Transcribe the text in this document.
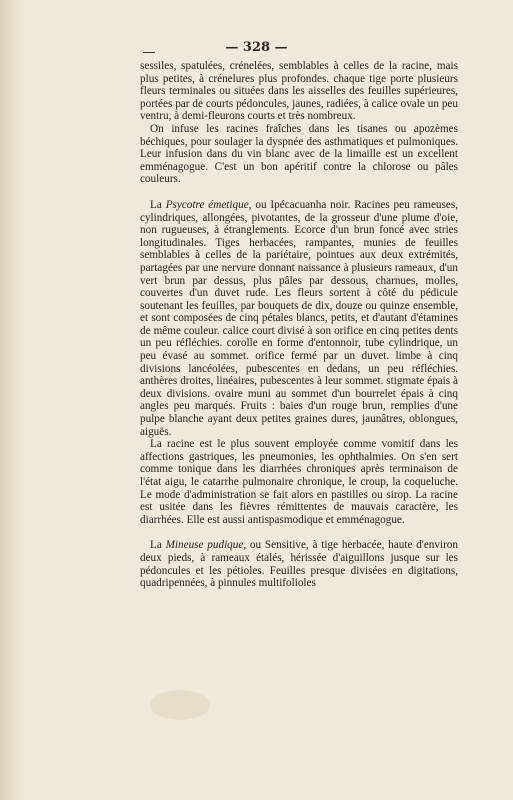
— 328 —

sessiles, spatulées, crénelées, semblables à celles de la racine, mais plus petites, à crénelures plus profondes. chaque tige porte plusieurs fleurs terminales ou situées dans les aisselles des feuilles supérieures, portées par de courts pédoncules, jaunes, radiées, à calice ovale un peu ventru, à demi-fleurons courts et très nombreux.

On infuse les racines fraîches dans les tisanes ou apozèmes béchiques, pour soulager la dyspnée des asthmatiques et pulmoniques. Leur infusion dans du vin blanc avec de la limaille est un excellent emménagogue. C'est un bon apéritif contre la chlorose ou pâles couleurs.

La Psycotre émetique, ou Ipécacuanha noir. Racines peu rameuses, cylindriques, allongées, pivotantes, de la grosseur d'une plume d'oie, non rugueuses, à étranglements. Ecorce d'un brun foncé avec stries longitudinales. Tiges herbacées, rampantes, munies de feuilles semblables à celles de la pariétaire, pointues aux deux extrémités, partagées par une nervure donnant naissance à plusieurs rameaux, d'un vert brun par dessus, plus pâles par dessous, charnues, molles, couvertes d'un duvet rude. Les fleurs sortent à côté du pédicule soutenant les feuilles, par bouquets de dix, douze ou quinze ensemble, et sont composées de cinq pétales blancs, petits, et d'autant d'étamines de même couleur. calice court divisé à son orifice en cinq petites dents un peu réfléchies. corolle en forme d'entonnoir, tube cylindrique, un peu évasé au sommet. orifice fermé par un duvet. limbe à cinq divisions lancéolées, pubescentes en dedans, un peu réfléchies. anthères droites, linéaires, pubescentes à leur sommet. stigmate épais à deux divisions. ovaire muni au sommet d'un bourrelet épais à cinq angles peu marqués. Fruits : baies d'un rouge brun, remplies d'une pulpe blanche ayant deux petites graines dures, jaunâtres, oblongues, aiguës.

La racine est le plus souvent employée comme vomitif dans les affections gastriques, les pneumonies, les ophthalmies. On s'en sert comme tonique dans les diarrhées chroniques après terminaison de l'état aigu, le catarrhe pulmonaire chronique, le croup, la coqueluche. Le mode d'administration se fait alors en pastilles ou sirop. La racine est usitée dans les fièvres rémittentes de mauvais caractère, les diarrhées. Elle est aussi antispasmodique et emménagogue.

La Mineuse pudique, ou Sensitive, à tige herbacée, haute d'environ deux pieds, à rameaux étalés, hérissée d'aiguillons jusque sur les pédoncules et les pétioles. Feuilles presque divisées en digitations, quadripennées, à pinnules multifolioles
